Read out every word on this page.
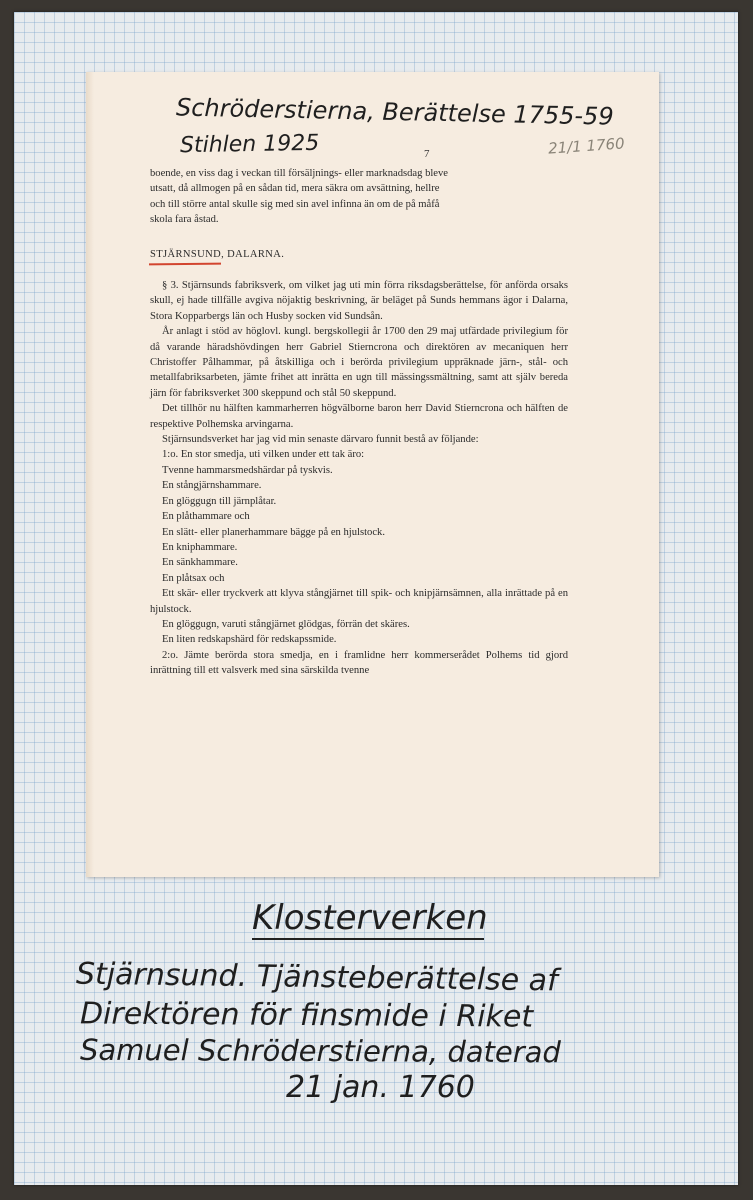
Schröderstierna, Berättelse 1755-59
Stihlen 1925	21/1 1760
7

boende, en viss dag i veckan till försäljnings- eller marknadsdag bleve

utsatt, då allmogen på en sådan tid, mera säkra om avsättning, hellre

och till större antal skulle sig med sin avel infinna än om de på måfå

skola fara åstad.

STJÄRNSUND, DALARNA.

§ 3. Stjärnsunds fabriksverk, om vilket jag uti min förra riksdagsberättelse, för anförda orsaks skull, ej hade tillfälle avgiva nöjaktig beskrivning, är beläget på Sunds hemmans ägor i Dalarna, Stora Kopparbergs län och Husby socken vid Sundsån.

År anlagt i stöd av höglovl. kungl. bergskollegii år 1700 den 29 maj utfärdade privilegium för då varande häradshövdingen herr Gabriel Stierncrona och direktören av mecaniquen herr Christoffer Pålhammar, på åtskilliga och i berörda privilegium uppräknade järn-, stål- och metallfabriksarbeten, jämte frihet att inrätta en ugn till mässingssmältning, samt att själv bereda järn för fabriksverket 300 skeppund och stål 50 skeppund.

Det tillhör nu hälften kammarherren högvälborne baron herr David Stierncrona och hälften de respektive Polhemska arvingarna.

Stjärnsundsverket har jag vid min senaste därvaro funnit bestå av följande:

1:o. En stor smedja, uti vilken under ett tak äro:

Tvenne hammarsmedshärdar på tyskvis.

En stångjärnshammare.

En glöggugn till järnplåtar.

En plåthammare och

En slätt- eller planerhammare bägge på en hjulstock.

En kniphammare.

En sänkhammare.

En plåtsax och

Ett skär- eller tryckverk att klyva stångjärnet till spik- och knipjärnsämnen, alla inrättade på en hjulstock.

En glöggugn, varuti stångjärnet glödgas, förrän det skäres.

En liten redskapshärd för redskapssmide.

2:o. Jämte berörda stora smedja, en i framlidne herr kommerserådet Polhems tid gjord inrättning till ett valsverk med sina särskilda tvenne

Klosterverken
Stjärnsund. Tjänsteberättelse af
Direktören för finsmide i Riket
Samuel Schröderstierna, daterad
21 jan. 1760
